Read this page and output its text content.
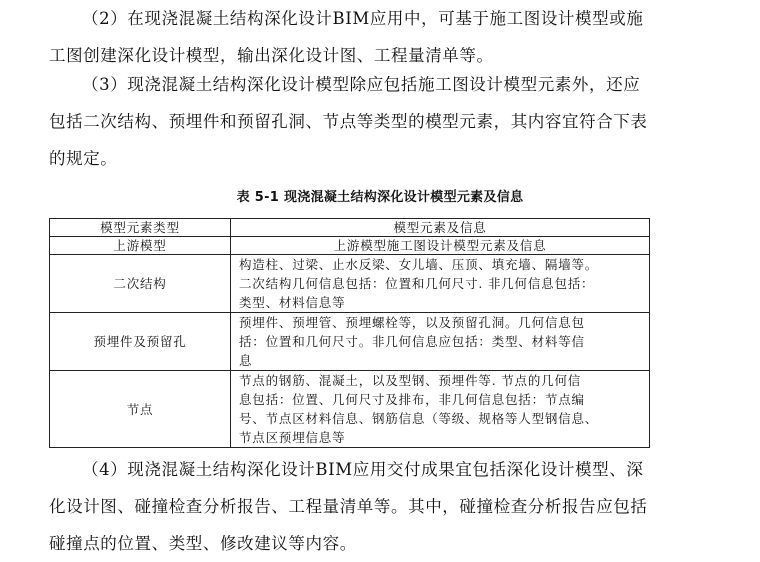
（2）在现浇混凝土结构深化设计BIM应用中，可基于施工图设计模型或施
工图创建深化设计模型，输出深化设计图、工程量清单等。
（3）现浇混凝土结构深化设计模型除应包括施工图设计模型元素外，还应
包括二次结构、预埋件和预留孔洞、节点等类型的模型元素，其内容宜符合下表
的规定。
表 5-1 现浇混凝土结构深化设计模型元素及信息
模型元素类型	模型元素及信息
上游模型	上游模型施工图设计模型元素及信息
二次结构	构造柱、过梁、止水反梁、女儿墙、压顶、填充墙、隔墙等。
二次结构几何信息包括：位置和几何尺寸. 非几何信息包括：
类型、材料信息等

预埋件及预留孔	预埋件、预埋管、预埋螺栓等，以及预留孔洞。几何信息包
括：位置和几何尺寸。非几何信息应包括：类型、材料等信
息

节点	节点的钢筋、混凝土，以及型钢、预埋件等. 节点的几何信
息包括：位置、几何尺寸及排布，非几何信息包括：节点编
号、节点区材料信息、钢筋信息（等级、规格等人型钢信息、
节点区预埋信息等
（4）现浇混凝土结构深化设计BIM应用交付成果宜包括深化设计模型、深
化设计图、碰撞检查分析报告、工程量清单等。其中，碰撞检查分析报告应包括
碰撞点的位置、类型、修改建议等内容。
